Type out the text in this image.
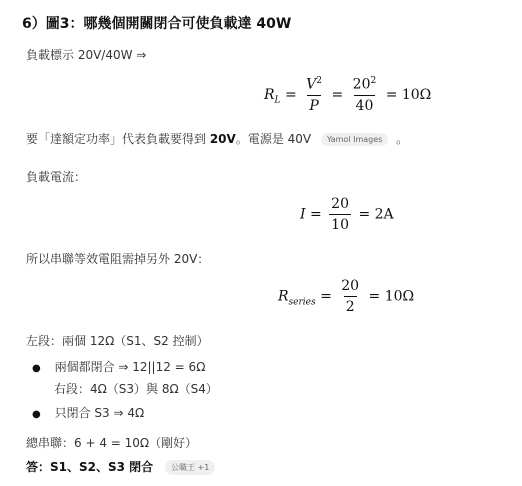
6）圖3：哪幾個開關閉合可使負載達 40W
負載標示 20V/40W ⇒
$R_L = \frac{V^2}{P} = \frac{20^2}{40} = 10\Omega$
要「達額定功率」代表負載要得到 20V。電源是 40V Yamol Images 。
負載電流：
$I = \frac{20}{10} = 2A$
所以串聯等效電阻需掉另外 20V：
$R_{series} = \frac{20}{2} = 10\Omega$
左段：兩個 12Ω（S1、S2 控制）
● 兩個都閉合 ⇒ 12||12 = 6Ω
右段：4Ω（S3）與 8Ω（S4）
● 只閉合 S3 ⇒ 4Ω
總串聯：6 + 4 = 10Ω（剛好）
答：S1、S2、S3 閉合 公職王 +1
